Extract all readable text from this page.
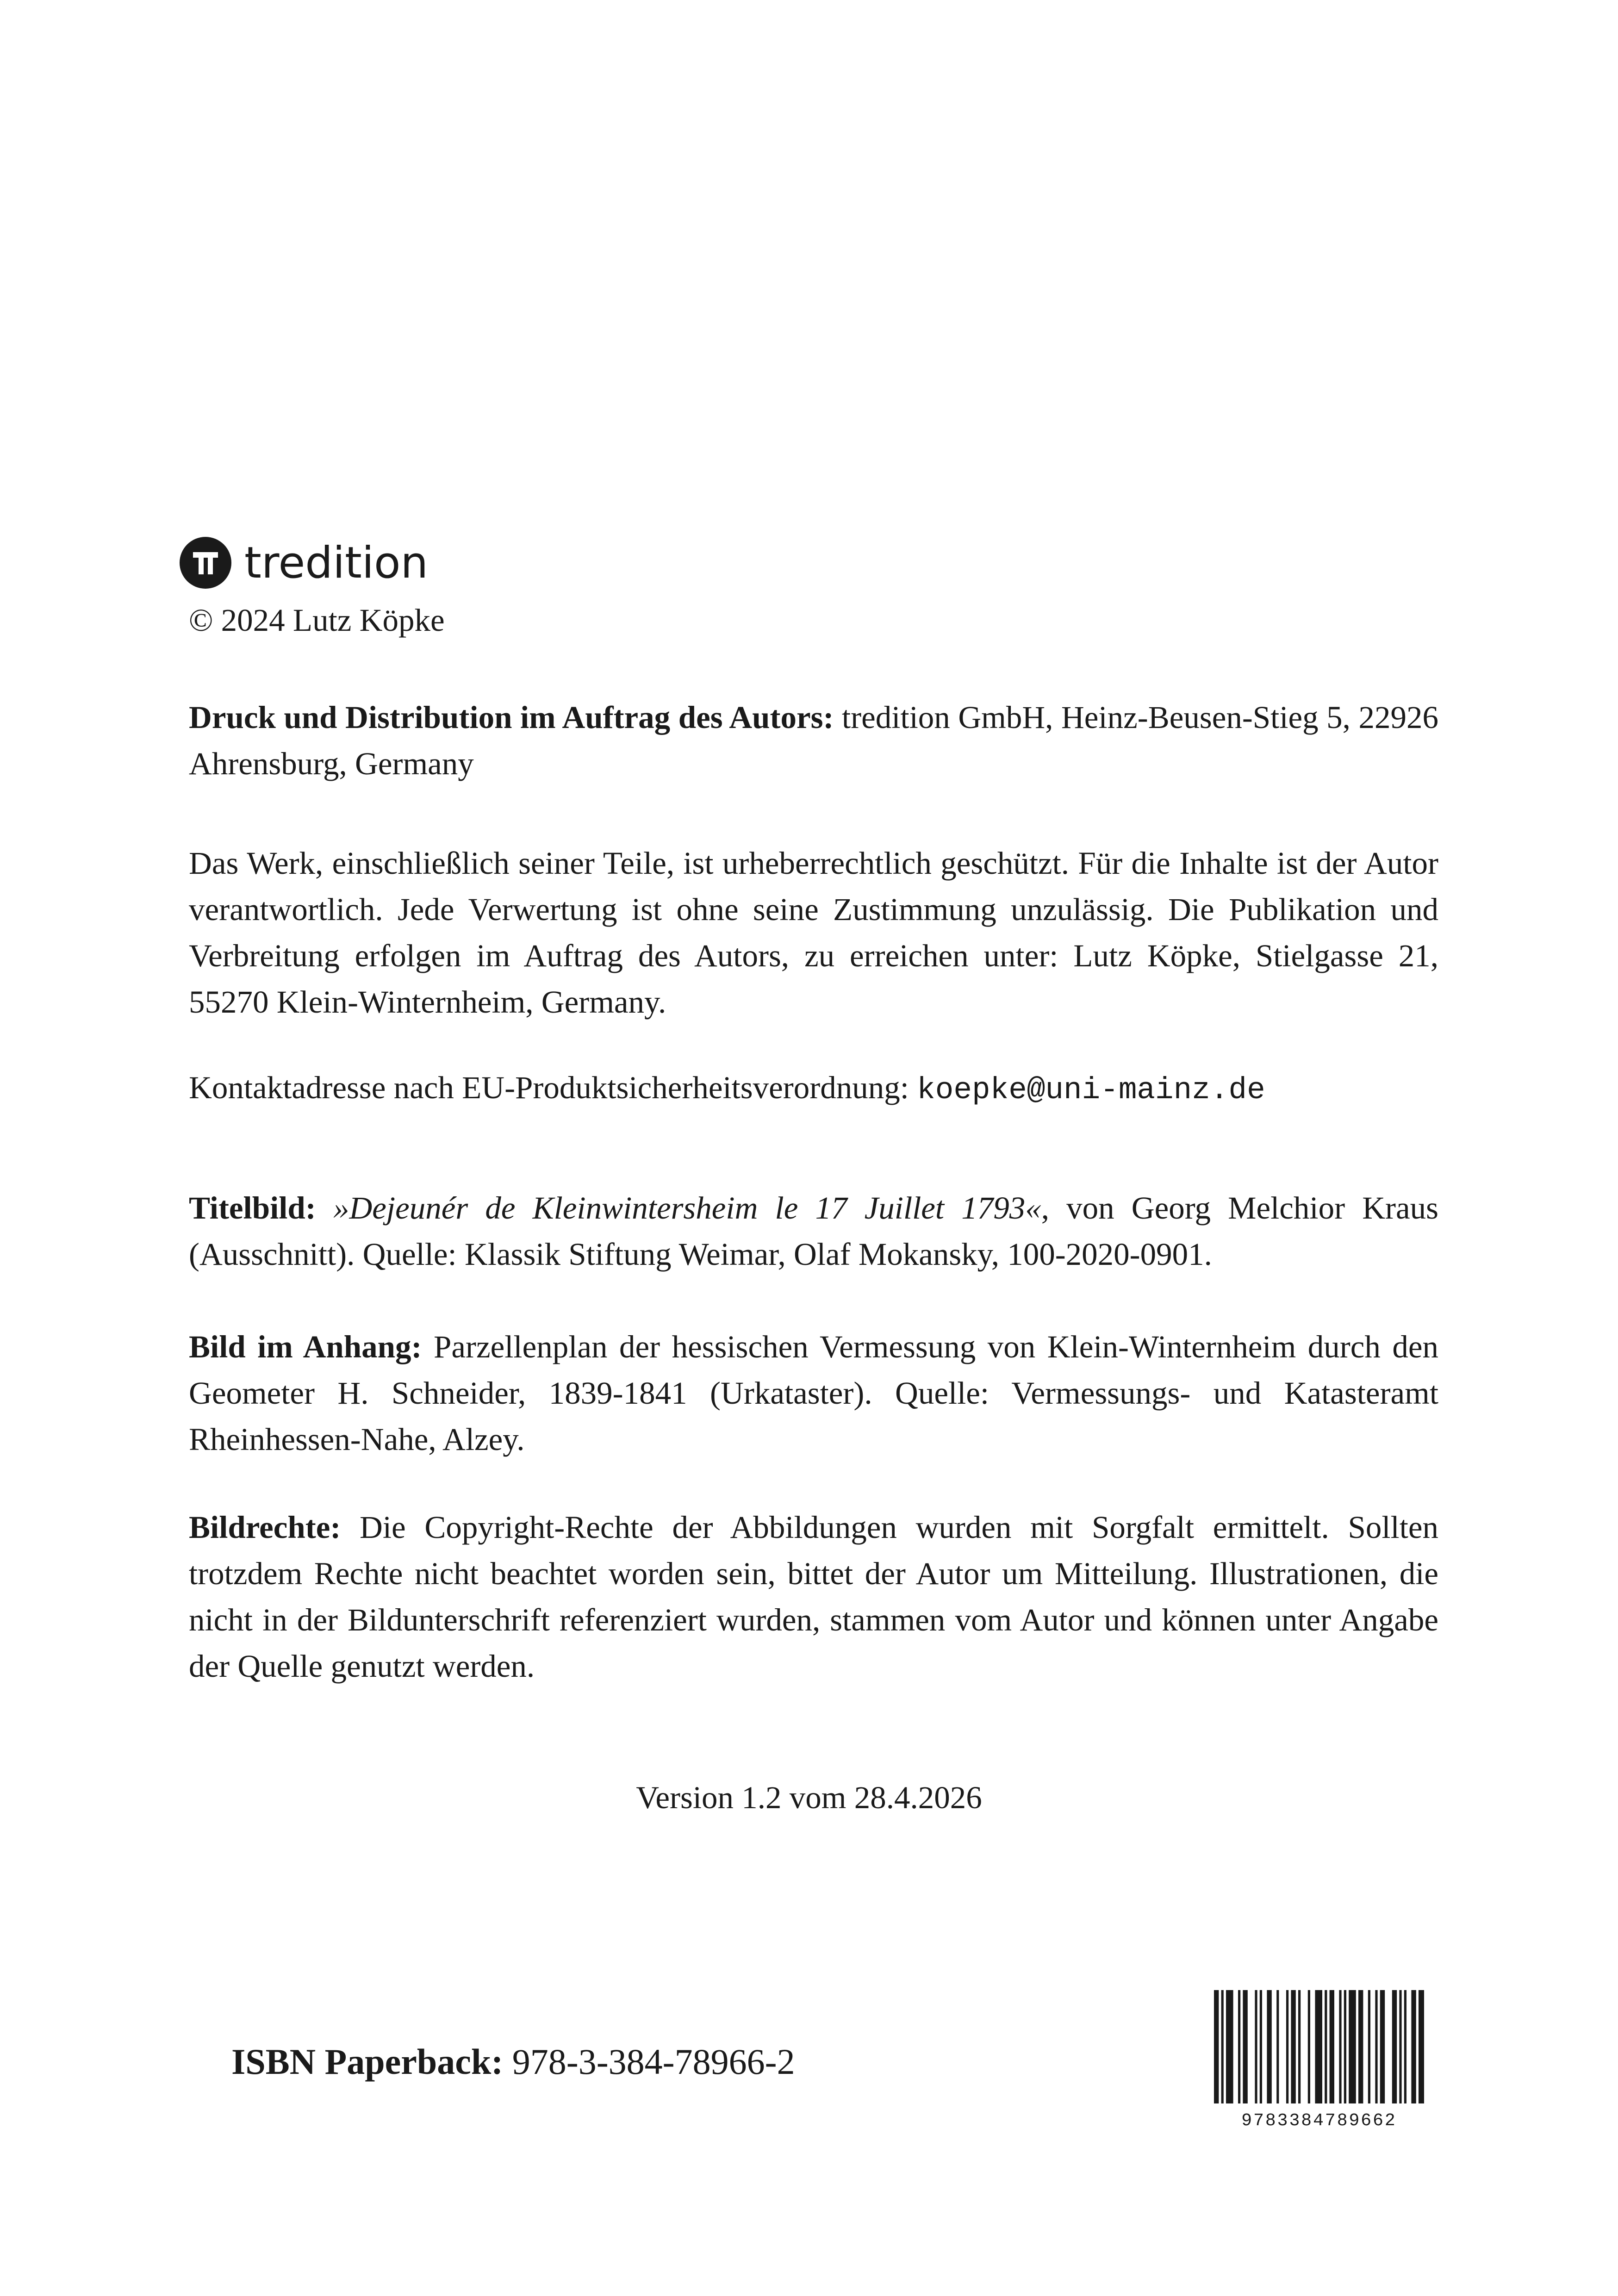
tredition

© 2024 Lutz Köpke

Druck und Distribution im Auftrag des Autors: tredition GmbH, Heinz-Beusen-Stieg 5, 22926 Ahrensburg, Germany

Das Werk, einschließlich seiner Teile, ist urheberrechtlich geschützt. Für die Inhalte ist der Autor verantwortlich. Jede Verwertung ist ohne seine Zustimmung unzulässig. Die Publikation und Verbreitung erfolgen im Auftrag des Autors, zu erreichen unter: Lutz Köpke, Stielgasse 21, 55270 Klein-Winternheim, Germany.

Kontaktadresse nach EU-Produktsicherheitsverordnung: koepke@uni-mainz.de

Titelbild: »Dejeunér de Kleinwintersheim le 17 Juillet 1793«, von Georg Melchior Kraus (Ausschnitt). Quelle: Klassik Stiftung Weimar, Olaf Mokansky, 100-2020-0901.

Bild im Anhang: Parzellenplan der hessischen Vermessung von Klein-Winternheim durch den Geometer H. Schneider, 1839-1841 (Urkataster). Quelle: Vermessungs- und Katasteramt Rheinhessen-Nahe, Alzey.

Bildrechte: Die Copyright-Rechte der Abbildungen wurden mit Sorgfalt ermittelt. Sollten trotzdem Rechte nicht beachtet worden sein, bittet der Autor um Mitteilung. Illustrationen, die nicht in der Bildunterschrift referenziert wurden, stammen vom Autor und können unter Angabe der Quelle genutzt werden.

Version 1.2 vom 28.4.2026
ISBN Paperback: 978-3-384-78966-2
9783384789662
